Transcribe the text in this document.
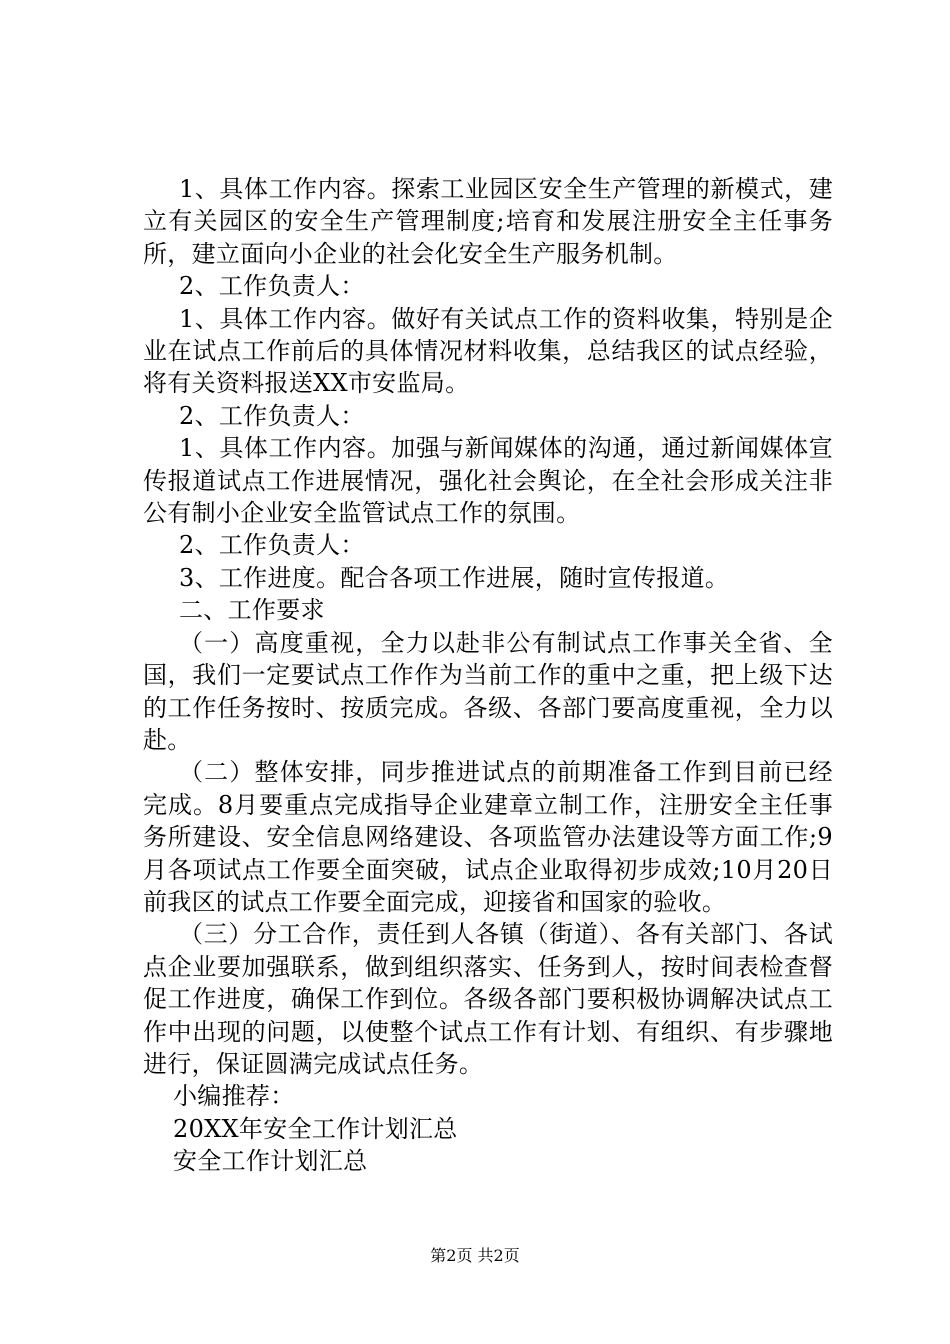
1、具体工作内容。探索工业园区安全生产管理的新模式，建立有关园区的安全生产管理制度;培育和发展注册安全主任事务所，建立面向小企业的社会化安全生产服务机制。

2、工作负责人：

1、具体工作内容。做好有关试点工作的资料收集，特别是企业在试点工作前后的具体情况材料收集，总结我区的试点经验，将有关资料报送XX市安监局。

2、工作负责人：

1、具体工作内容。加强与新闻媒体的沟通，通过新闻媒体宣传报道试点工作进展情况，强化社会舆论，在全社会形成关注非公有制小企业安全监管试点工作的氛围。

2、工作负责人：

3、工作进度。配合各项工作进展，随时宣传报道。

二、工作要求

（一）高度重视，全力以赴非公有制试点工作事关全省、全国，我们一定要试点工作作为当前工作的重中之重，把上级下达的工作任务按时、按质完成。各级、各部门要高度重视，全力以赴。

（二）整体安排，同步推进试点的前期准备工作到目前已经完成。8月要重点完成指导企业建章立制工作，注册安全主任事务所建设、安全信息网络建设、各项监管办法建设等方面工作;9月各项试点工作要全面突破，试点企业取得初步成效;10月20日前我区的试点工作要全面完成，迎接省和国家的验收。

（三）分工合作，责任到人各镇（街道）、各有关部门、各试点企业要加强联系，做到组织落实、任务到人，按时间表检查督促工作进度，确保工作到位。各级各部门要积极协调解决试点工作中出现的问题，以使整个试点工作有计划、有组织、有步骤地进行，保证圆满完成试点任务。

小编推荐：

20XX年安全工作计划汇总

安全工作计划汇总

第2页 共2页
